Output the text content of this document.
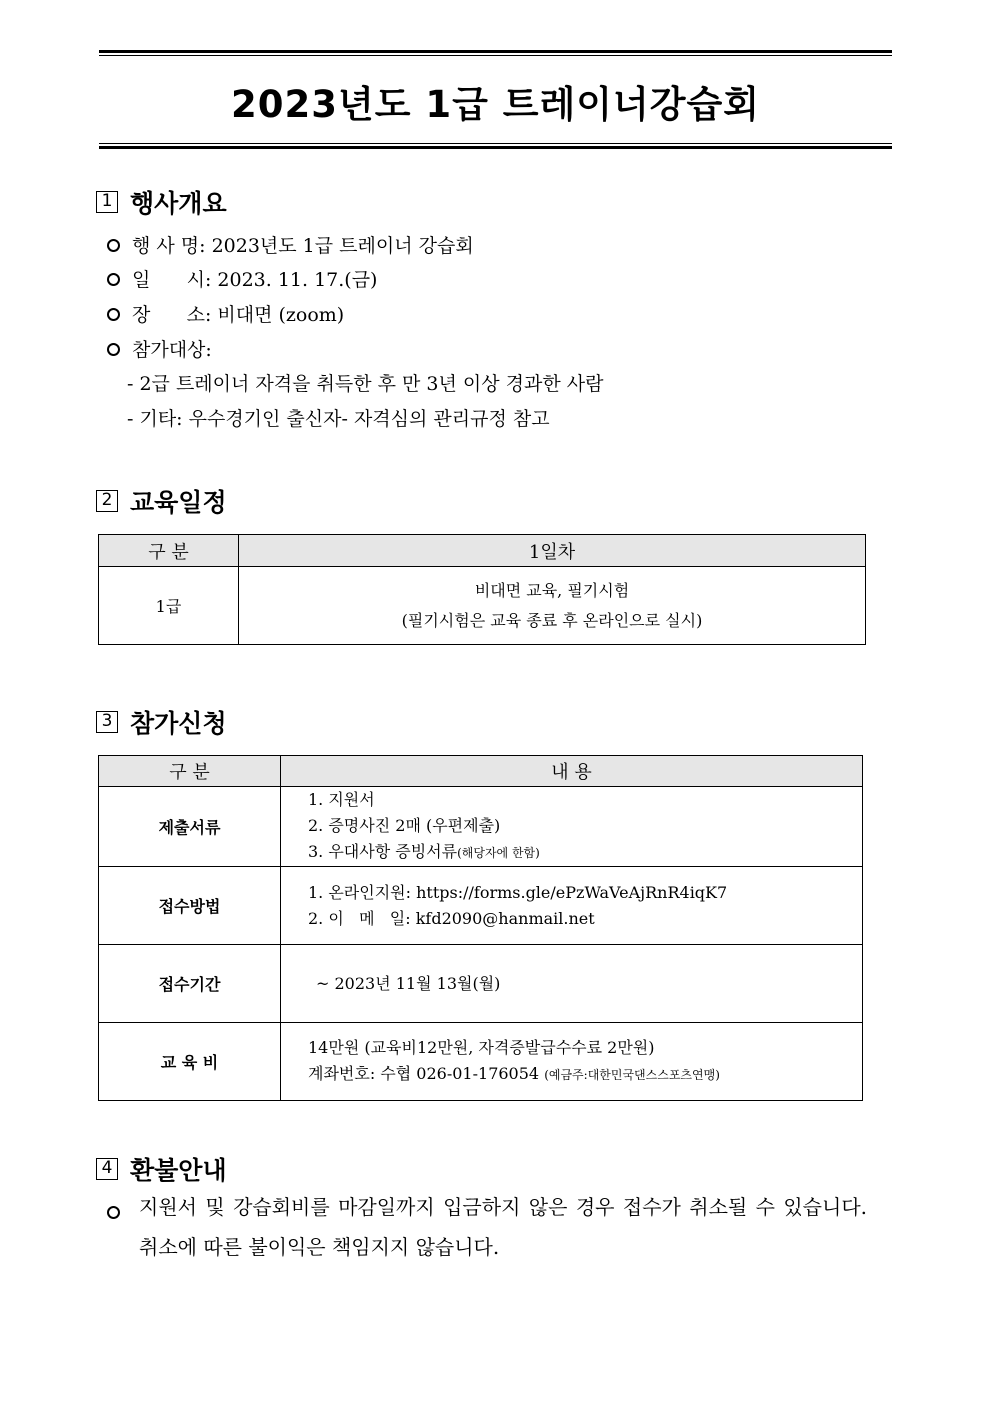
2023년도 1급 트레이너강습회
1 행사개요
행 사 명: 2023년도 1급 트레이너 강습회
일      시: 2023. 11. 17.(금)
장      소: 비대면 (zoom)
참가대상:
- 2급 트레이너 자격을 취득한 후 만 3년 이상 경과한 사람
- 기타: 우수경기인 출신자- 자격심의 관리규정 참고
2 교육일정
구 분	1일차
1급	비대면 교육, 필기시험
(필기시험은 교육 종료 후 온라인으로 실시)
3 참가신청
구 분	내 용
제출서류	1. 지원서
2. 증명사진 2매 (우편제출)
3. 우대사항 증빙서류(해당자에 한함)

접수방법	1. 온라인지원: https://forms.gle/ePzWaVeAjRnR4iqK7
2. 이   메   일: kfd2090@hanmail.net

접수기간	~ 2023년 11월 13월(월)

교 육 비	14만원 (교육비12만원, 자격증발급수수료 2만원)
계좌번호: 수협 026-01-176054 (예금주:대한민국댄스스포츠연맹)
4 환불안내
지원서 및 강습회비를 마감일까지 입금하지 않은 경우 접수가 취소될 수 있습니다. 취소에 따른 불이익은 책임지지 않습니다.
